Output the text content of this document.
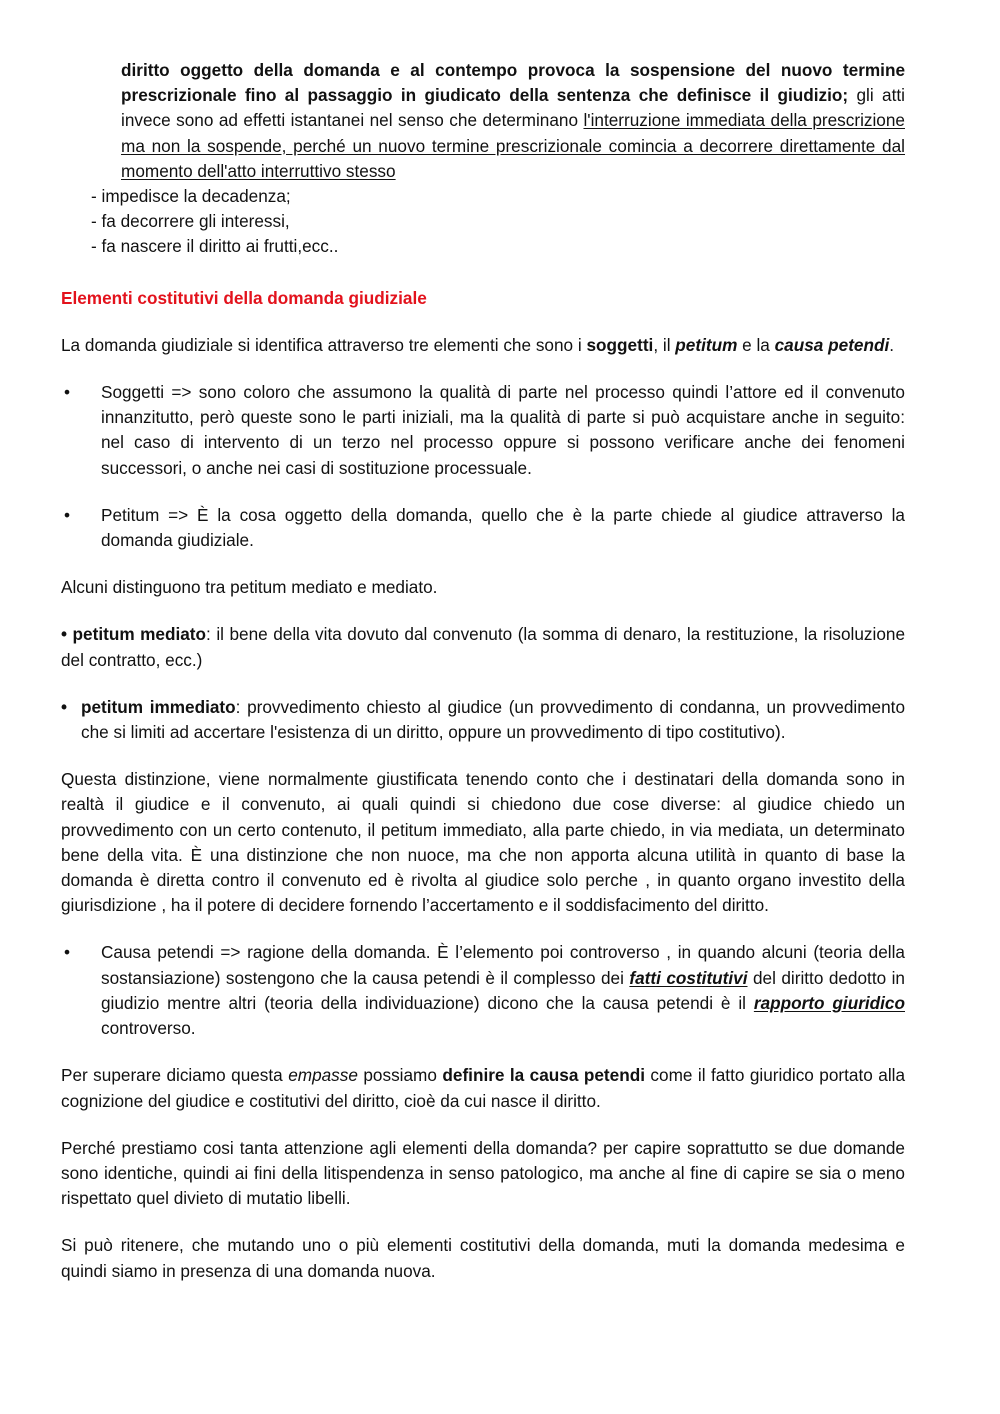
diritto oggetto della domanda e al contempo provoca la sospensione del nuovo termine prescrizionale fino al passaggio in giudicato della sentenza che definisce il giudizio; gli atti invece sono ad effetti istantanei nel senso che determinano l'interruzione immediata della prescrizione ma non la sospende, perché un nuovo termine prescrizionale comincia a decorrere direttamente dal momento dell'atto interruttivo stesso

- impedisce la decadenza;
- fa decorrere gli interessi,
- fa nascere il diritto ai frutti,ecc..

Elementi costitutivi della domanda giudiziale

La domanda giudiziale si identifica attraverso tre elementi che sono i soggetti, il petitum e la causa petendi.

• Soggetti => sono coloro che assumono la qualità di parte nel processo quindi l’attore ed il convenuto innanzitutto, però queste sono le parti iniziali, ma la qualità di parte si può acquistare anche in seguito: nel caso di intervento di un terzo nel processo oppure si possono verificare anche dei fenomeni successori, o anche nei casi di sostituzione processuale.

• Petitum => È la cosa oggetto della domanda, quello che è la parte chiede al giudice attraverso la domanda giudiziale.

Alcuni distinguono tra petitum mediato e mediato.

• petitum mediato: il bene della vita dovuto dal convenuto (la somma di denaro, la restituzione, la risoluzione del contratto, ecc.)

• petitum immediato: provvedimento chiesto al giudice (un provvedimento di condanna, un provvedimento che si limiti ad accertare l'esistenza di un diritto, oppure un provvedimento di tipo costitutivo).

Questa distinzione, viene normalmente giustificata tenendo conto che i destinatari della domanda sono in realtà il giudice e il convenuto, ai quali quindi si chiedono due cose diverse: al giudice chiedo un provvedimento con un certo contenuto, il petitum immediato, alla parte chiedo, in via mediata, un determinato bene della vita. È una distinzione che non nuoce, ma che non apporta alcuna utilità in quanto di base la domanda è diretta contro il convenuto ed è rivolta al giudice solo perche , in quanto organo investito della giurisdizione , ha il potere di decidere fornendo l’accertamento e il soddisfacimento del diritto.

• Causa petendi => ragione della domanda. È l’elemento poi controverso , in quando alcuni (teoria della sostansiazione) sostengono che la causa petendi è il complesso dei fatti costitutivi del diritto dedotto in giudizio mentre altri (teoria della individuazione) dicono che la causa petendi è il rapporto giuridico controverso.

Per superare diciamo questa empasse possiamo definire la causa petendi come il fatto giuridico portato alla cognizione del giudice e costitutivi del diritto, cioè da cui nasce il diritto.

Perché prestiamo cosi tanta attenzione agli elementi della domanda? per capire soprattutto se due domande sono identiche, quindi ai fini della litispendenza in senso patologico, ma anche al fine di capire se sia o meno rispettato quel divieto di mutatio libelli.

Si può ritenere, che mutando uno o più elementi costitutivi della domanda, muti la domanda medesima e quindi siamo in presenza di una domanda nuova.
